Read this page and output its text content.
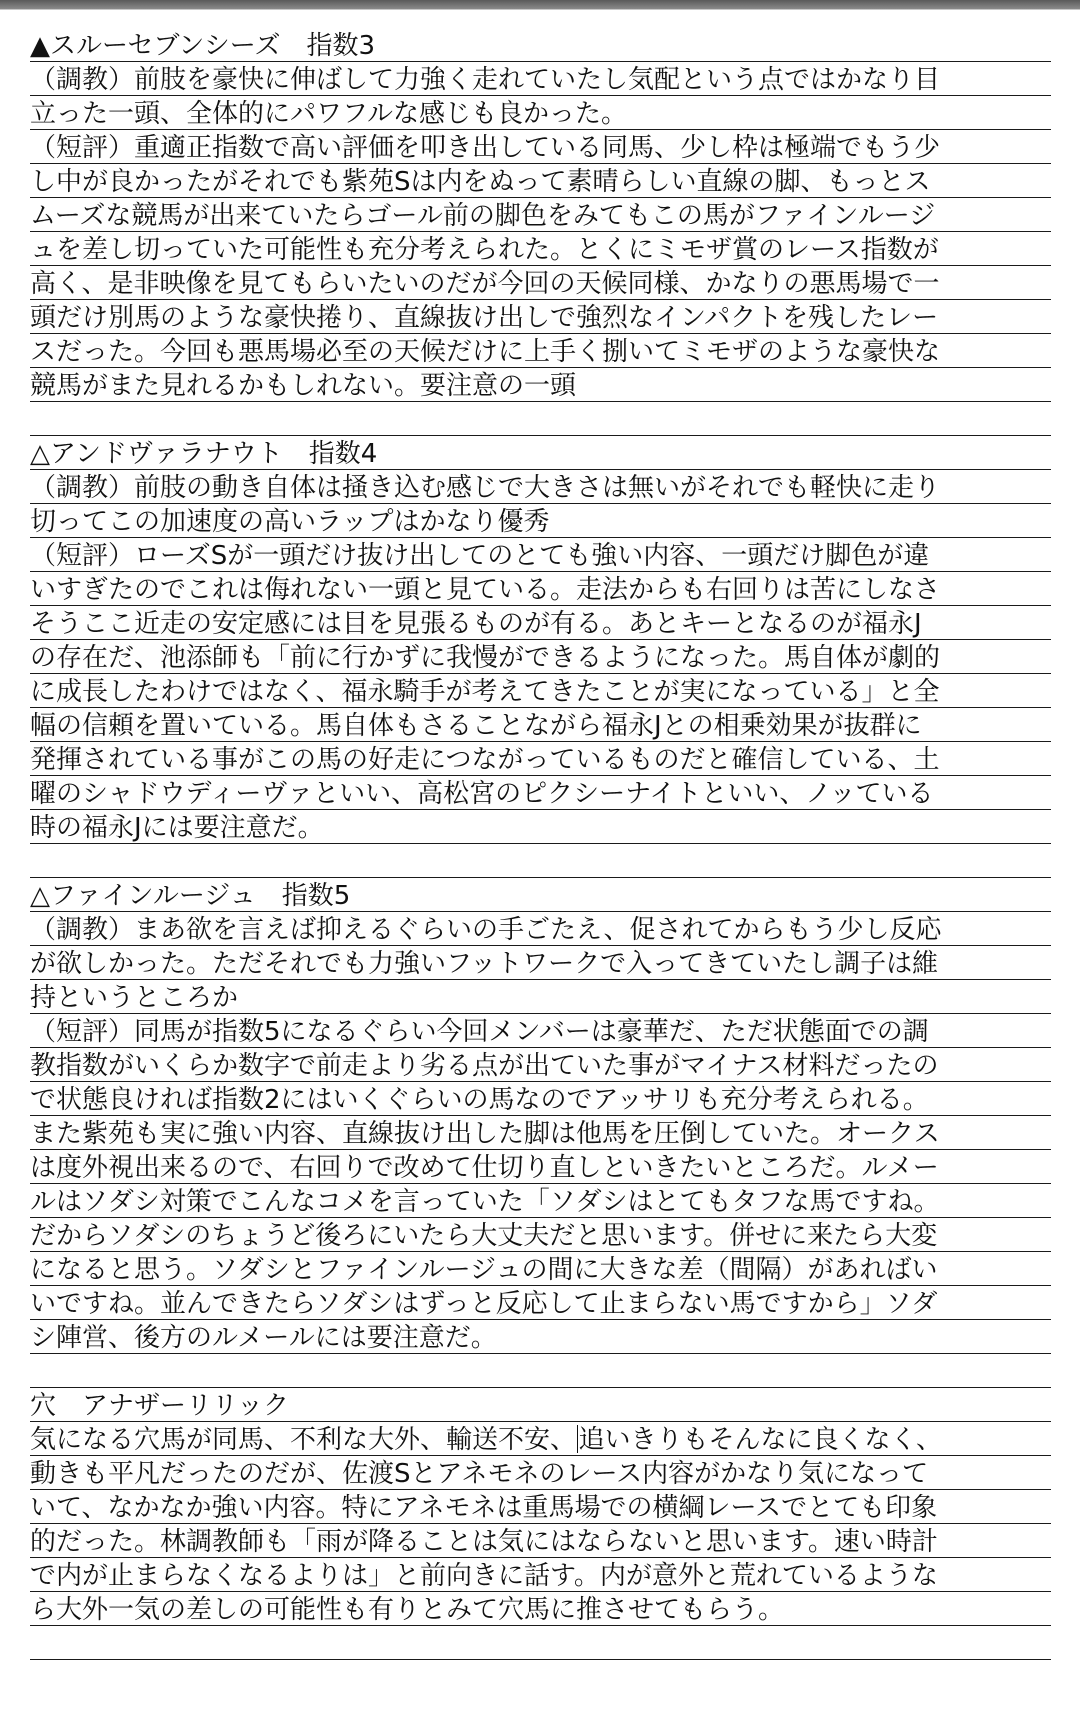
▲スルーセブンシーズ　指数3
（調教）前肢を豪快に伸ばして力強く走れていたし気配という点ではかなり目
立った一頭、全体的にパワフルな感じも良かった。
（短評）重適正指数で高い評価を叩き出している同馬、少し枠は極端でもう少
し中が良かったがそれでも紫苑Sは内をぬって素晴らしい直線の脚、もっとス
ムーズな競馬が出来ていたらゴール前の脚色をみてもこの馬がファインルージ
ュを差し切っていた可能性も充分考えられた。とくにミモザ賞のレース指数が
高く、是非映像を見てもらいたいのだが今回の天候同様、かなりの悪馬場で一
頭だけ別馬のような豪快捲り、直線抜け出しで強烈なインパクトを残したレー
スだった。今回も悪馬場必至の天候だけに上手く捌いてミモザのような豪快な
競馬がまた見れるかもしれない。要注意の一頭
△アンドヴァラナウト　指数4
（調教）前肢の動き自体は掻き込む感じで大きさは無いがそれでも軽快に走り
切ってこの加速度の高いラップはかなり優秀
（短評）ローズSが一頭だけ抜け出してのとても強い内容、一頭だけ脚色が違
いすぎたのでこれは侮れない一頭と見ている。走法からも右回りは苦にしなさ
そうここ近走の安定感には目を見張るものが有る。あとキーとなるのが福永J
の存在だ、池添師も「前に行かずに我慢ができるようになった。馬自体が劇的
に成長したわけではなく、福永騎手が考えてきたことが実になっている」と全
幅の信頼を置いている。馬自体もさることながら福永Jとの相乗効果が抜群に
発揮されている事がこの馬の好走につながっているものだと確信している、土
曜のシャドウディーヴァといい、高松宮のピクシーナイトといい、ノッている
時の福永Jには要注意だ。
△ファインルージュ　指数5
（調教）まあ欲を言えば抑えるぐらいの手ごたえ、促されてからもう少し反応
が欲しかった。ただそれでも力強いフットワークで入ってきていたし調子は維
持というところか
（短評）同馬が指数5になるぐらい今回メンバーは豪華だ、ただ状態面での調
教指数がいくらか数字で前走より劣る点が出ていた事がマイナス材料だったの
で状態良ければ指数2にはいくぐらいの馬なのでアッサリも充分考えられる。
また紫苑も実に強い内容、直線抜け出した脚は他馬を圧倒していた。オークス
は度外視出来るので、右回りで改めて仕切り直しといきたいところだ。ルメー
ルはソダシ対策でこんなコメを言っていた「ソダシはとてもタフな馬ですね。
だからソダシのちょうど後ろにいたら大丈夫だと思います。併せに来たら大変
になると思う。ソダシとファインルージュの間に大きな差（間隔）があればい
いですね。並んできたらソダシはずっと反応して止まらない馬ですから」ソダ
シ陣営、後方のルメールには要注意だ。
穴　アナザーリリック
気になる穴馬が同馬、不利な大外、輸送不安、追いきりもそんなに良くなく、
動きも平凡だったのだが、佐渡Sとアネモネのレース内容がかなり気になって
いて、なかなか強い内容。特にアネモネは重馬場での横綱レースでとても印象
的だった。林調教師も「雨が降ることは気にはならないと思います。速い時計
で内が止まらなくなるよりは」と前向きに話す。内が意外と荒れているような
ら大外一気の差しの可能性も有りとみて穴馬に推させてもらう。
